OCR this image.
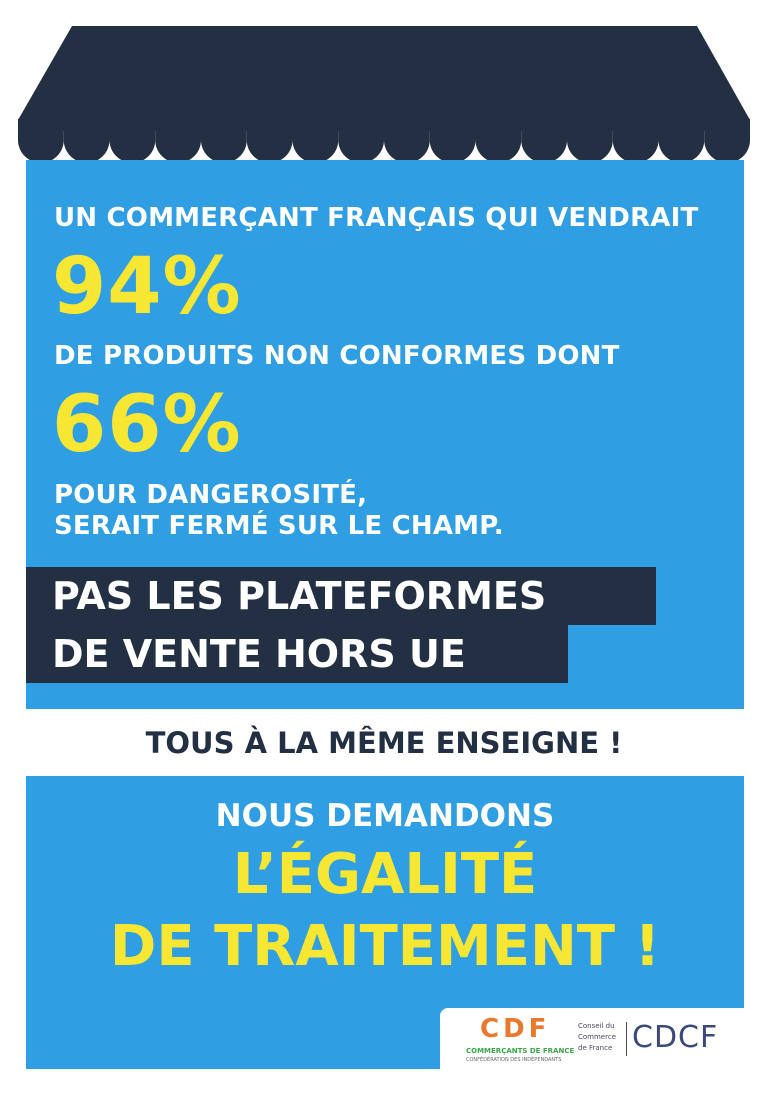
UN COMMERÇANT FRANÇAIS QUI VENDRAIT

94%

DE PRODUITS NON CONFORMES DONT

66%

POUR DANGEROSITÉ,

SERAIT FERMÉ SUR LE CHAMP.

PAS LES PLATEFORMES
DE VENTE HORS UE
TOUS À LA MÊME ENSEIGNE !
NOUS DEMANDONS
L’ÉGALITÉ
DE TRAITEMENT !
CDF
COMMERÇANTS DE FRANCE
CONFÉDÉRATION DES INDÉPENDANTS
Conseil du
Commerce
de France CDCF
